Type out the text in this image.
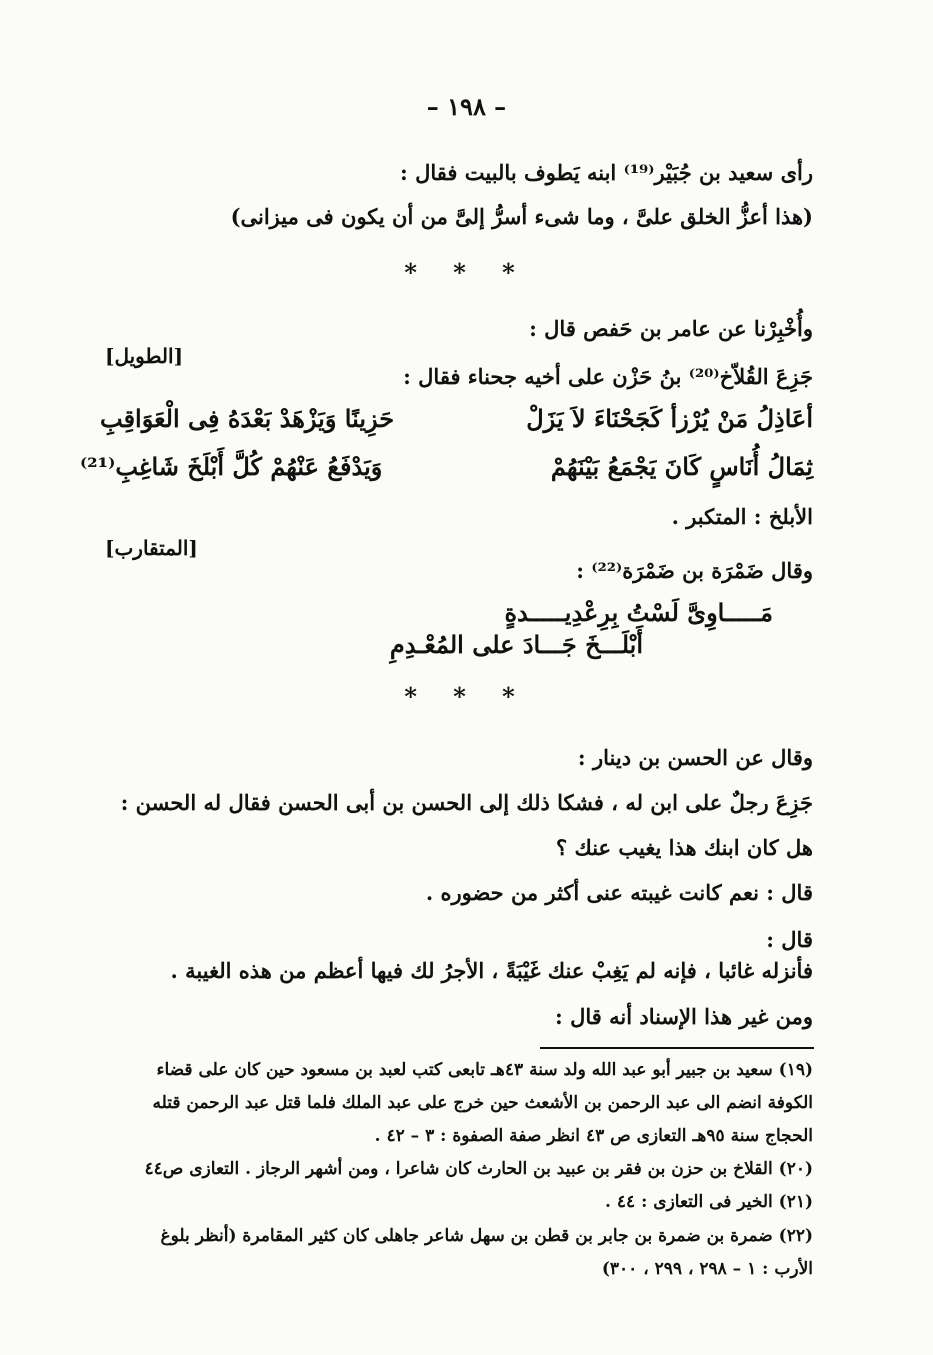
– ١٩٨ –
رأى سعيد بن جُبَيْر⁽¹⁹⁾ ابنه يَطوف بالبيت فقال :
(هذا أعزُّ الخلق علىَّ ، وما شىء أسرُّ إلىَّ من أن يكون فى ميزانى)
* * *
وأُخْبِرْنا عن عامر بن حَفص قال :
[الطويل]
جَزِعَ القُلاّخ⁽²⁰⁾ بنُ حَزْن على أخيه جحناء فقال :
أعَاذِلُ مَنْ يُرْزأ كَجَحْنَاءَ لاَ يَزَلْ
حَزِينًا وَيَزْهَدْ بَعْدَهُ فِى الْعَوَاقِبِ
ثِمَالُ أُنَاسٍ كَانَ يَجْمَعُ بَيْنَهُمْ
وَيَدْفَعُ عَنْهُمْ كُلَّ أَبْلَخَ شَاغِبِ⁽²¹⁾
الأبلخ : المتكبر .
[المتقارب]
وقال ضَمْرَة بن ضَمْرَة⁽²²⁾ :
مَـــــاوِىَّ لَسْتُ بِرِعْدِيـــــدةٍ
أَبْلَـــخَ جَـــادَ على المُعْـدِمِ
* * *
وقال عن الحسن بن دينار :
جَزِعَ رجلٌ على ابن له ، فشكا ذلك إلى الحسن بن أبى الحسن فقال له الحسن :
هل كان ابنك هذا يغيب عنك ؟
قال : نعم كانت غيبته عنى أكثر من حضوره .
قال :
فأنزله غائبا ، فإنه لم يَغِبْ عنك غَيْبَةً ، الأجرُ لك فيها أعظم من هذه الغيبة .
ومن غير هذا الإسناد أنه قال :
(١٩) سعيد بن جبير أبو عبد الله ولد سنة ٤٣هـ تابعى كتب لعبد بن مسعود حين كان على قضاء
الكوفة انضم الى عبد الرحمن بن الأشعث حين خرج على عبد الملك فلما قتل عبد الرحمن قتله
الحجاج سنة ٩٥هـ التعازى ص ٤٣ انظر صفة الصفوة : ٣ – ٤٢ .
(٢٠) القلاخ بن حزن بن فقر بن عبيد بن الحارث كان شاعرا ، ومن أشهر الرجاز . التعازى ص٤٤
(٢١) الخير فى التعازى : ٤٤ .
(٢٢) ضمرة بن ضمرة بن جابر بن قطن بن سهل شاعر جاهلى كان كثير المقامرة (أنظر بلوغ
الأرب : ١ – ٢٩٨ ، ٢٩٩ ، ٣٠٠)
